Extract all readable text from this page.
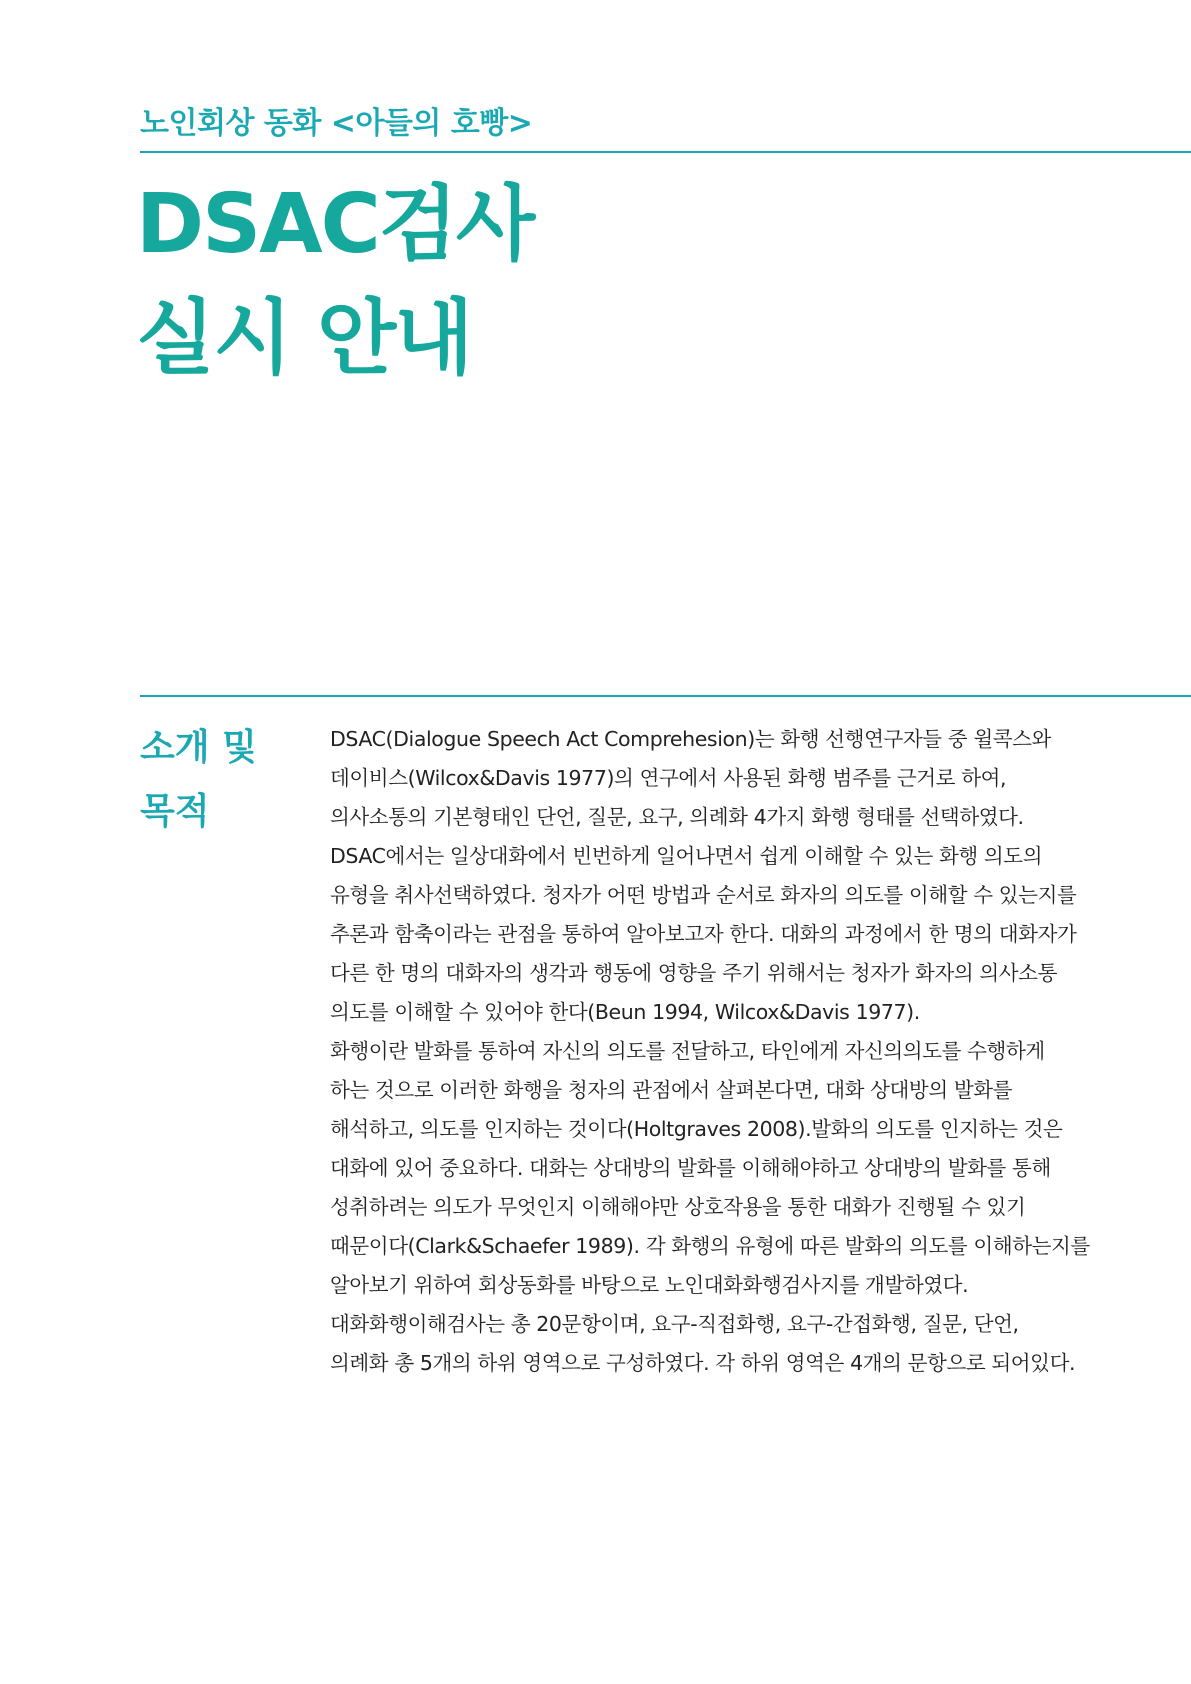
노인회상 동화 <아들의 호빵>
DSAC검사
실시 안내
소개 및
목적
DSAC(Dialogue Speech Act Comprehesion)는 화행 선행연구자들 중 윌콕스와
데이비스(Wilcox&Davis 1977)의 연구에서 사용된 화행 범주를 근거로 하여,
의사소통의 기본형태인 단언, 질문, 요구, 의례화 4가지 화행 형태를 선택하였다.
DSAC에서는 일상대화에서 빈번하게 일어나면서 쉽게 이해할 수 있는 화행 의도의
유형을 취사선택하였다. 청자가 어떤 방법과 순서로 화자의 의도를 이해할 수 있는지를
추론과 함축이라는 관점을 통하여 알아보고자 한다. 대화의 과정에서 한 명의 대화자가
다른 한 명의 대화자의 생각과 행동에 영향을 주기 위해서는 청자가 화자의 의사소통
의도를 이해할 수 있어야 한다(Beun 1994, Wilcox&Davis 1977).
화행이란 발화를 통하여 자신의 의도를 전달하고, 타인에게 자신의의도를 수행하게
하는 것으로 이러한 화행을 청자의 관점에서 살펴본다면, 대화 상대방의 발화를
해석하고, 의도를 인지하는 것이다(Holtgraves 2008).발화의 의도를 인지하는 것은
대화에 있어 중요하다. 대화는 상대방의 발화를 이해해야하고 상대방의 발화를 통해
성취하려는 의도가 무엇인지 이해해야만 상호작용을 통한 대화가 진행될 수 있기
때문이다(Clark&Schaefer 1989). 각 화행의 유형에 따른 발화의 의도를 이해하는지를
알아보기 위하여 회상동화를 바탕으로 노인대화화행검사지를 개발하였다.
대화화행이해검사는 총 20문항이며, 요구-직접화행, 요구-간접화행, 질문, 단언,
의례화 총 5개의 하위 영역으로 구성하였다. 각 하위 영역은 4개의 문항으로 되어있다.
